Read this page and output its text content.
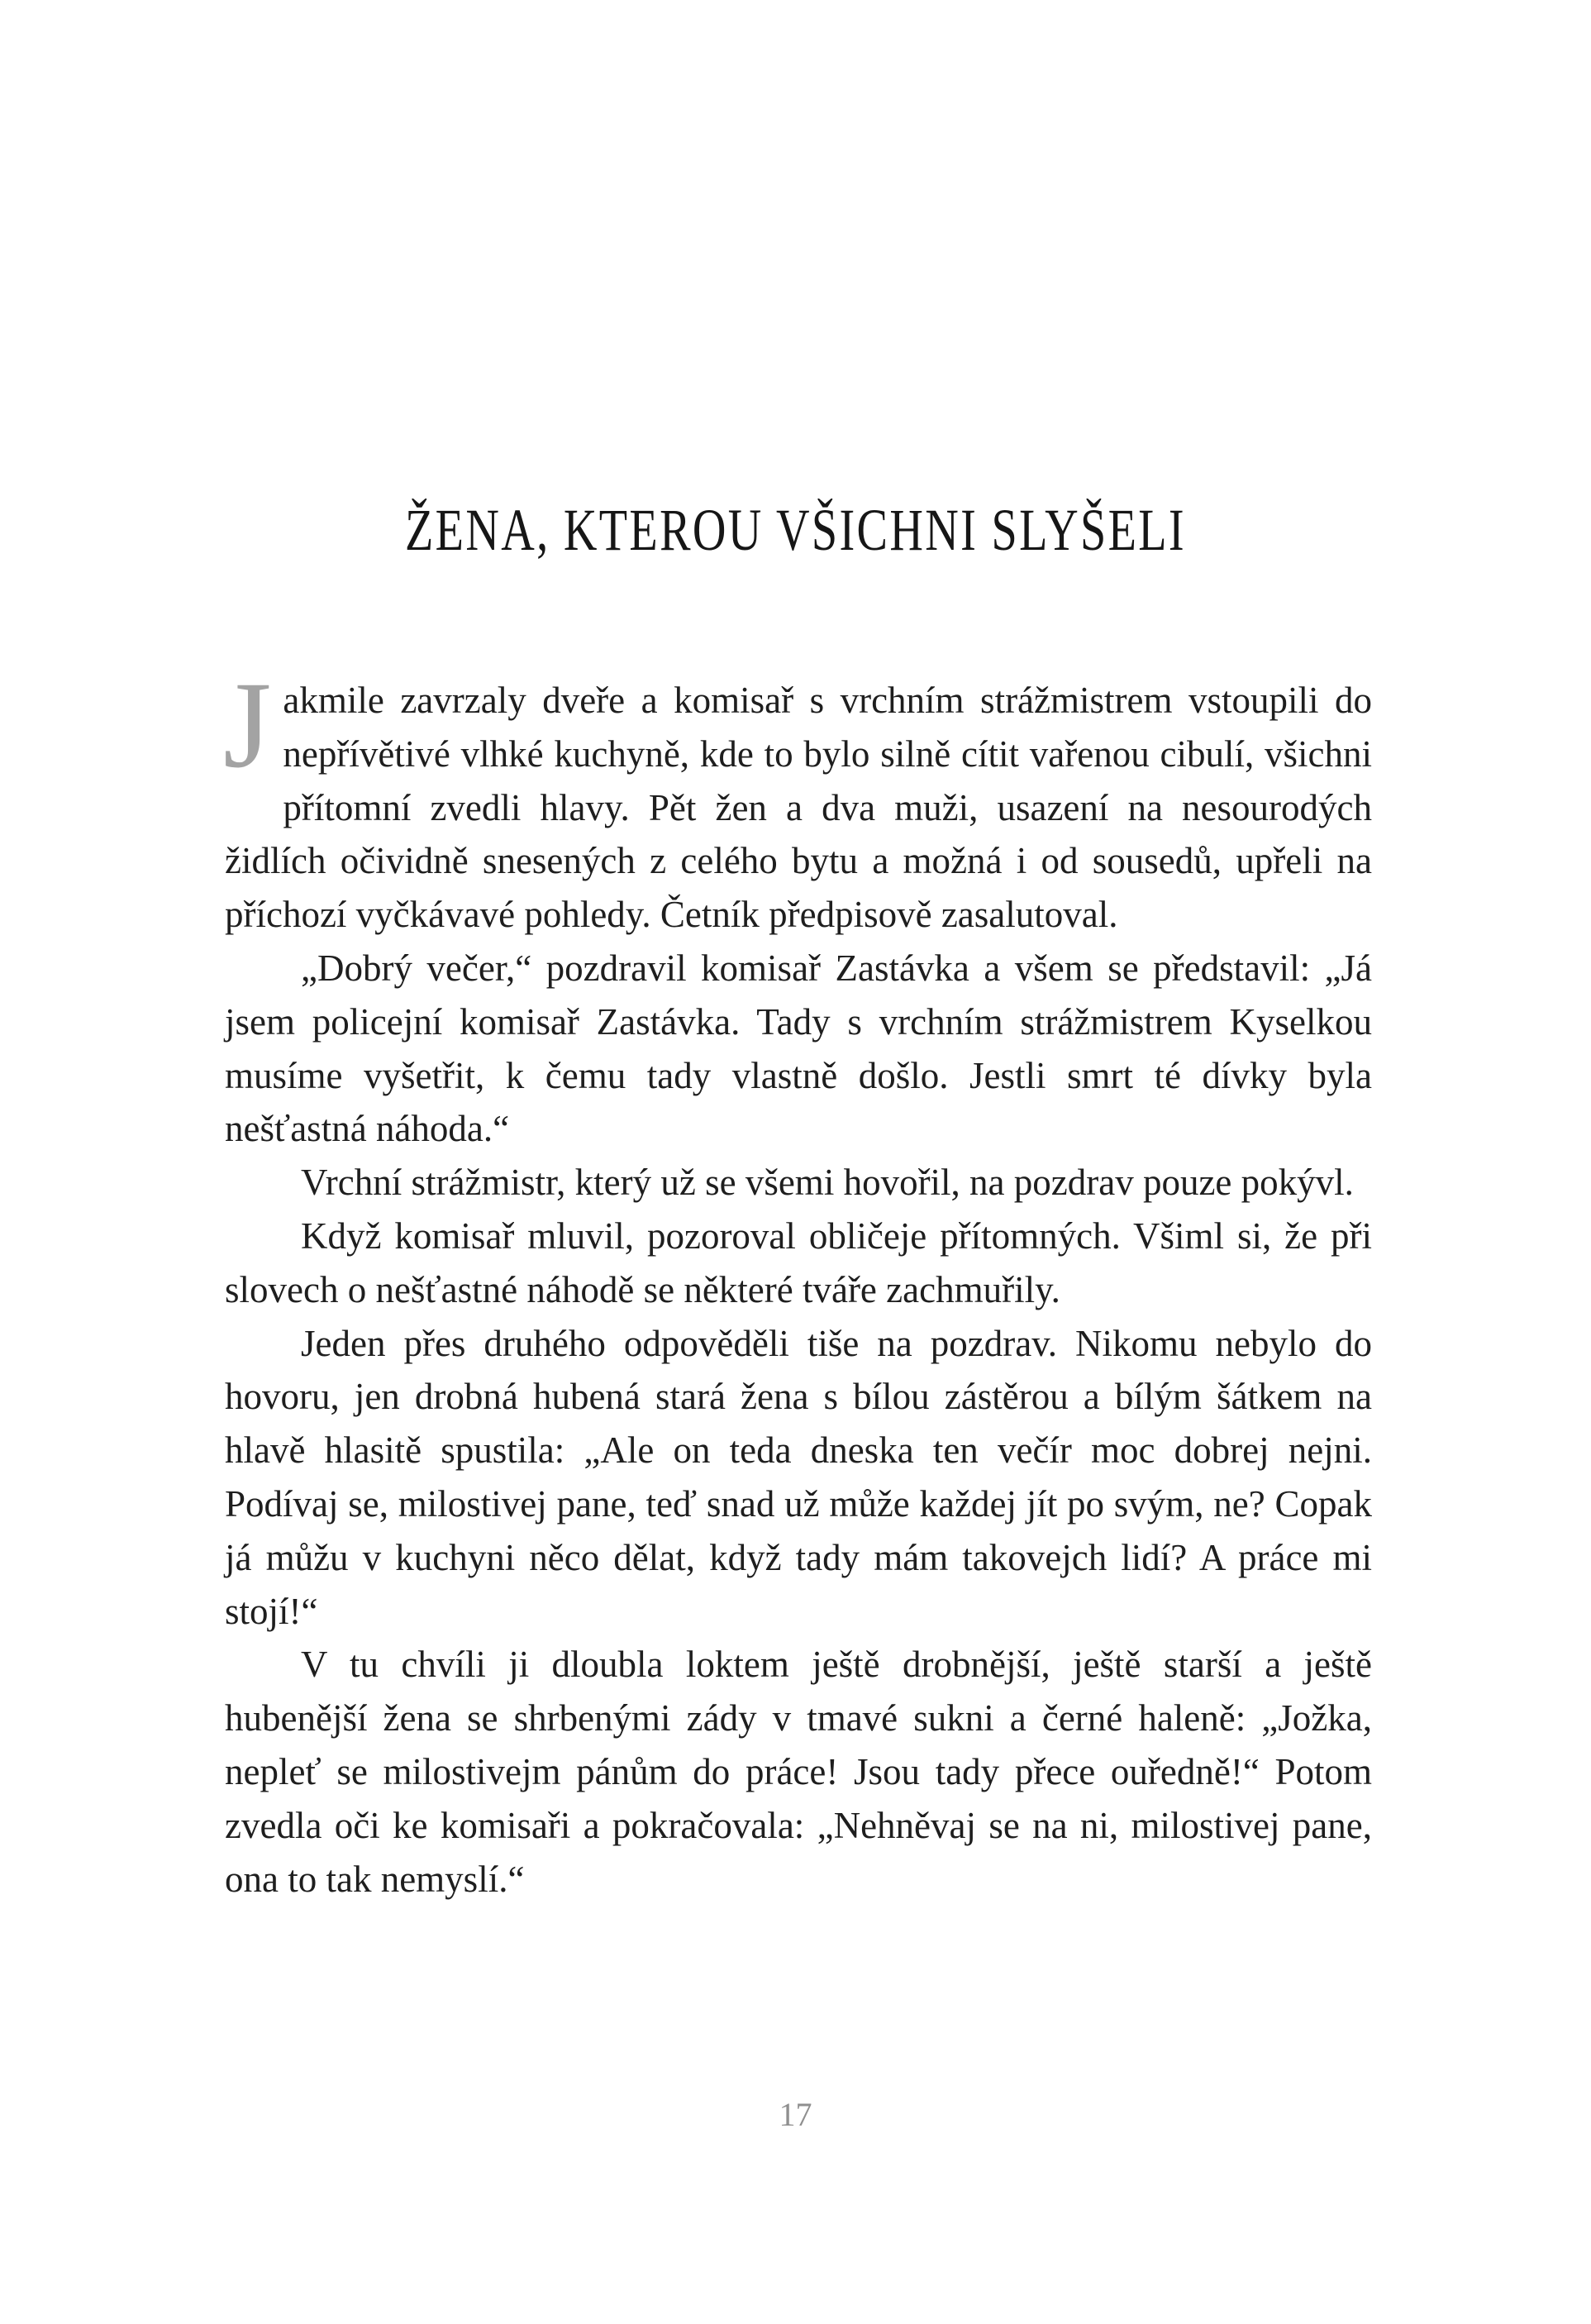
ŽENA, KTEROU VŠICHNI SLYŠELI

Jakmile zavrzaly dveře a komisař s vrchním strážmistrem vstoupili do nepřívětivé vlhké kuchyně, kde to bylo silně cítit vařenou cibulí, všichni přítomní zvedli hlavy. Pět žen a dva muži, usazení na nesourodých židlích očividně snesených z celého bytu a možná i od sousedů, upřeli na příchozí vyčkávavé pohledy. Četník předpisově zasalutoval.

„Dobrý večer,“ pozdravil komisař Zastávka a všem se představil: „Já jsem policejní komisař Zastávka. Tady s vrchním strážmistrem Kyselkou musíme vyšetřit, k čemu tady vlastně došlo. Jestli smrt té dívky byla nešťastná náhoda.“

Vrchní strážmistr, který už se všemi hovořil, na pozdrav pouze pokývl.

Když komisař mluvil, pozoroval obličeje přítomných. Všiml si, že při slovech o nešťastné náhodě se některé tváře zachmuřily.

Jeden přes druhého odpověděli tiše na pozdrav. Nikomu nebylo do hovoru, jen drobná hubená stará žena s bílou zástěrou a bílým šátkem na hlavě hlasitě spustila: „Ale on teda dneska ten večír moc dobrej nejni. Podívaj se, milostivej pane, teď snad už může každej jít po svým, ne? Copak já můžu v kuchyni něco dělat, když tady mám takovejch lidí? A práce mi stojí!“

V tu chvíli ji dloubla loktem ještě drobnější, ještě starší a ještě hubenější žena se shrbenými zády v tmavé sukni a černé haleně: „Jožka, nepleť se milostivejm pánům do práce! Jsou tady přece ouředně!“ Potom zvedla oči ke komisaři a pokračovala: „Nehněvaj se na ni, milostivej pane, ona to tak nemyslí.“

17
